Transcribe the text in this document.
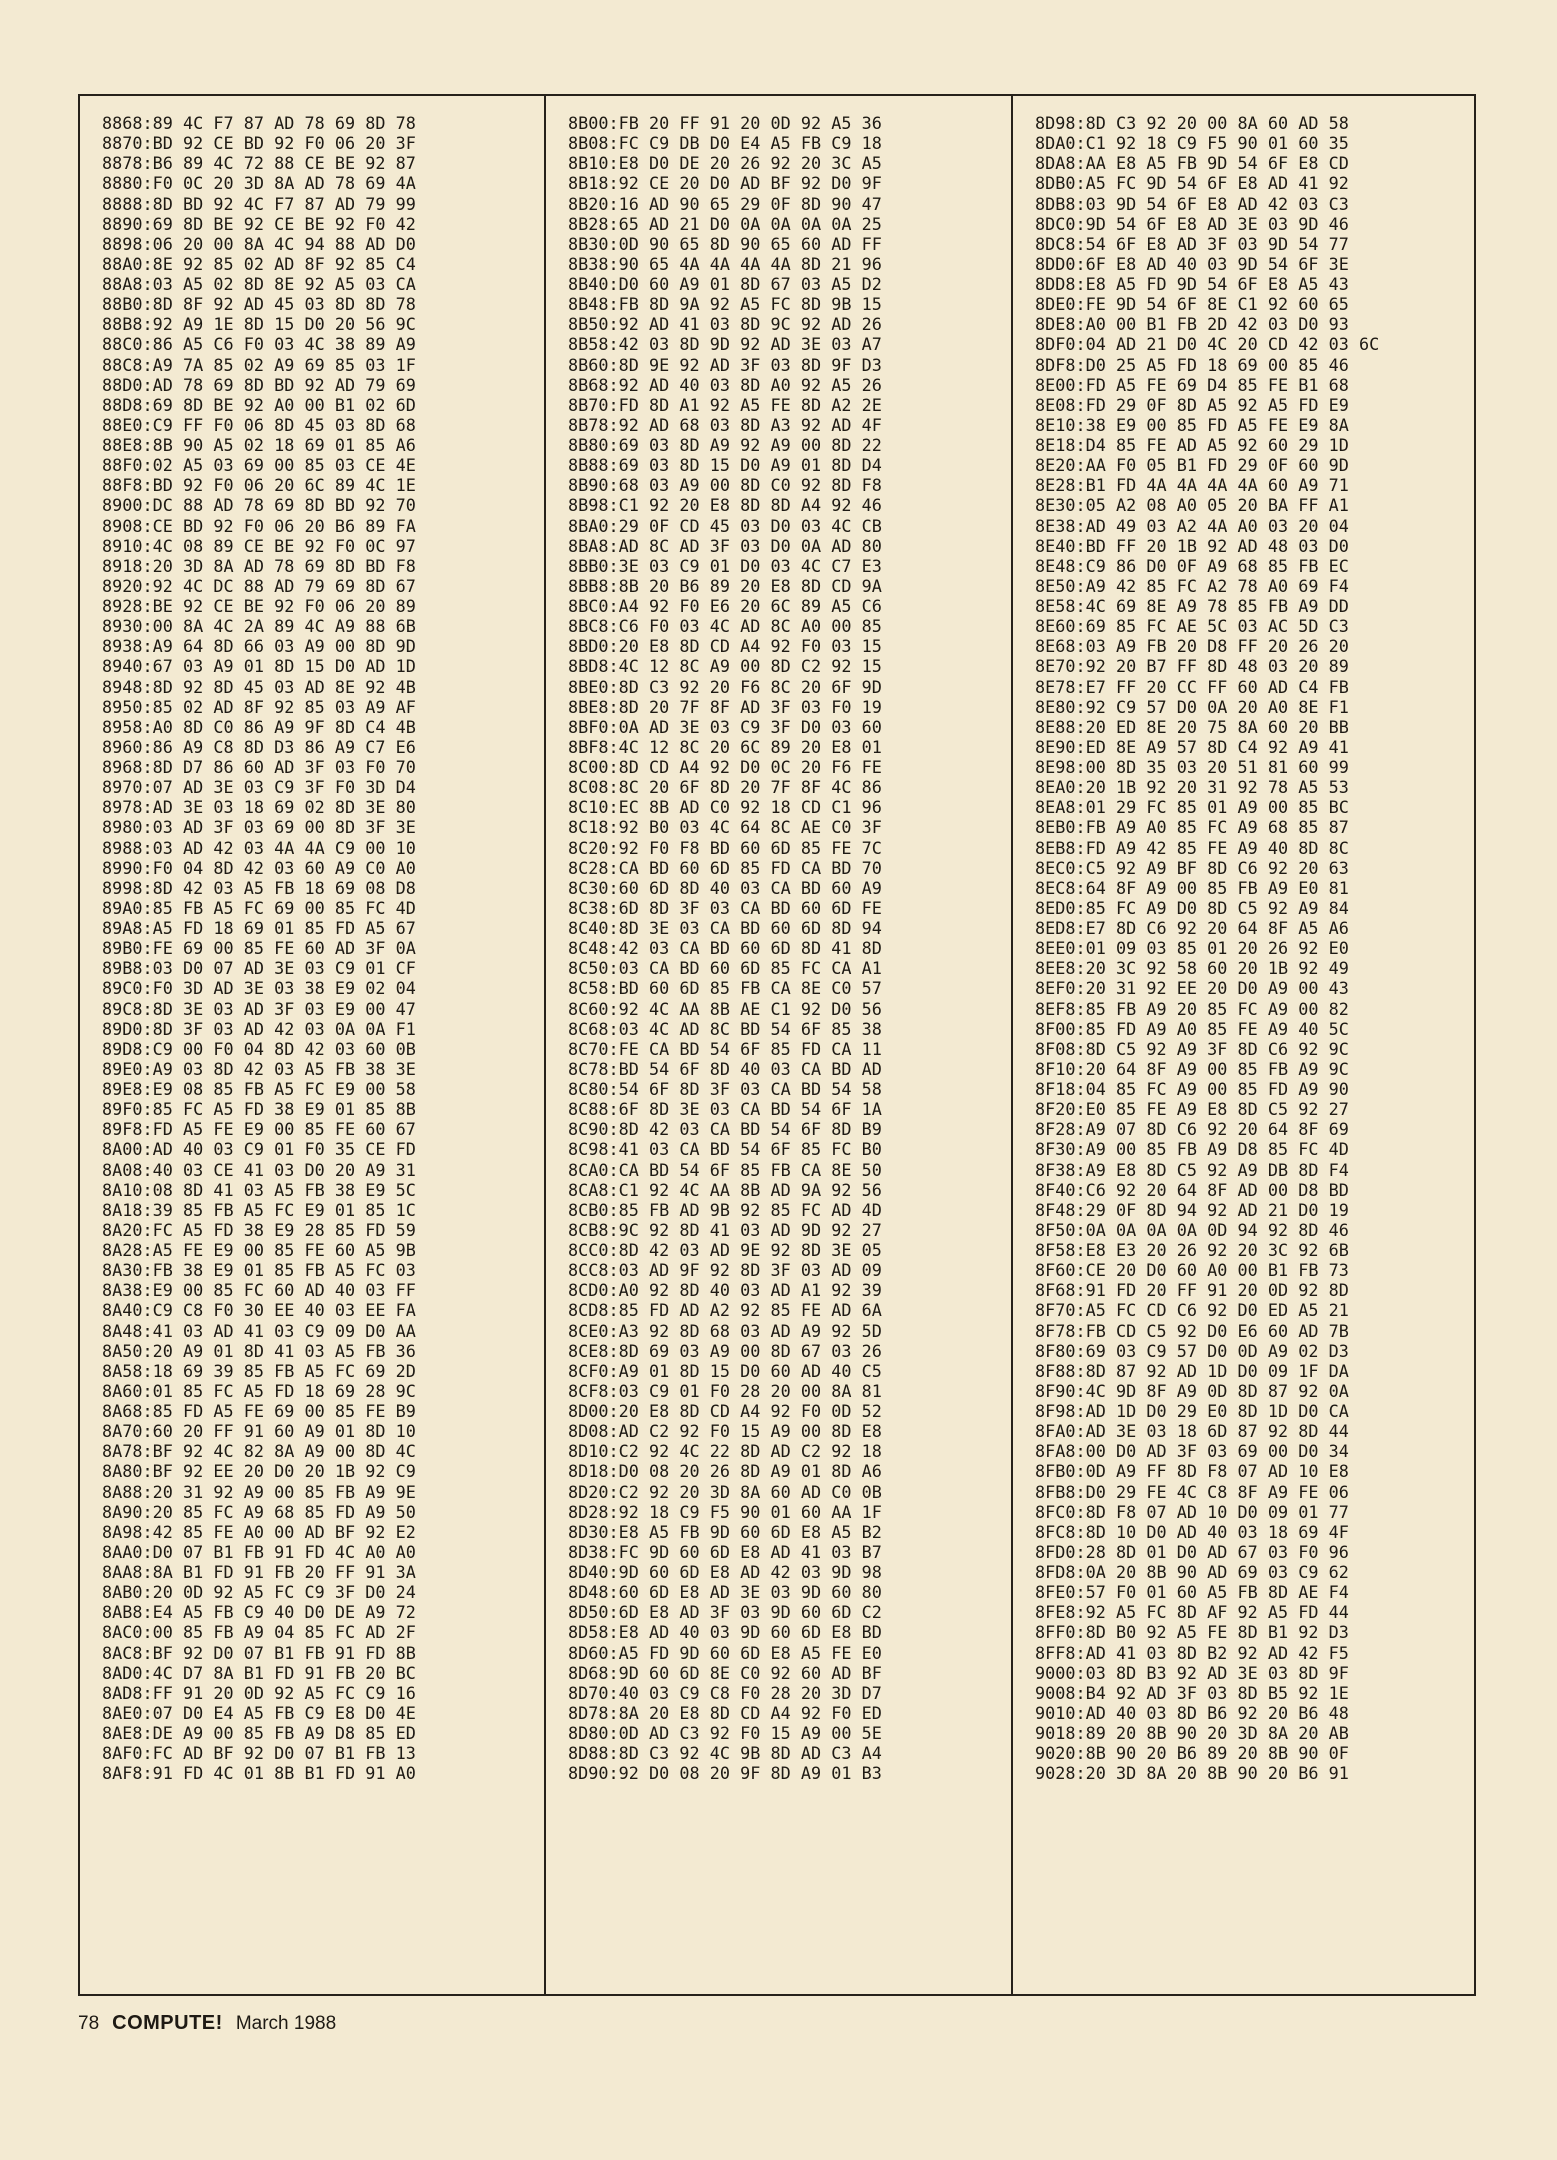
8868:89 4C F7 87 AD 78 69 8D 78
8870:BD 92 CE BD 92 F0 06 20 3F
8878:B6 89 4C 72 88 CE BE 92 87
8880:F0 0C 20 3D 8A AD 78 69 4A
8888:8D BD 92 4C F7 87 AD 79 99
8890:69 8D BE 92 CE BE 92 F0 42
8898:06 20 00 8A 4C 94 88 AD D0
88A0:8E 92 85 02 AD 8F 92 85 C4
88A8:03 A5 02 8D 8E 92 A5 03 CA
88B0:8D 8F 92 AD 45 03 8D 8D 78
88B8:92 A9 1E 8D 15 D0 20 56 9C
88C0:86 A5 C6 F0 03 4C 38 89 A9
88C8:A9 7A 85 02 A9 69 85 03 1F
88D0:AD 78 69 8D BD 92 AD 79 69
88D8:69 8D BE 92 A0 00 B1 02 6D
88E0:C9 FF F0 06 8D 45 03 8D 68
88E8:8B 90 A5 02 18 69 01 85 A6
88F0:02 A5 03 69 00 85 03 CE 4E
88F8:BD 92 F0 06 20 6C 89 4C 1E
8900:DC 88 AD 78 69 8D BD 92 70
8908:CE BD 92 F0 06 20 B6 89 FA
8910:4C 08 89 CE BE 92 F0 0C 97
8918:20 3D 8A AD 78 69 8D BD F8
8920:92 4C DC 88 AD 79 69 8D 67
8928:BE 92 CE BE 92 F0 06 20 89
8930:00 8A 4C 2A 89 4C A9 88 6B
8938:A9 64 8D 66 03 A9 00 8D 9D
8940:67 03 A9 01 8D 15 D0 AD 1D
8948:8D 92 8D 45 03 AD 8E 92 4B
8950:85 02 AD 8F 92 85 03 A9 AF
8958:A0 8D C0 86 A9 9F 8D C4 4B
8960:86 A9 C8 8D D3 86 A9 C7 E6
8968:8D D7 86 60 AD 3F 03 F0 70
8970:07 AD 3E 03 C9 3F F0 3D D4
8978:AD 3E 03 18 69 02 8D 3E 80
8980:03 AD 3F 03 69 00 8D 3F 3E
8988:03 AD 42 03 4A 4A C9 00 10
8990:F0 04 8D 42 03 60 A9 C0 A0
8998:8D 42 03 A5 FB 18 69 08 D8
89A0:85 FB A5 FC 69 00 85 FC 4D
89A8:A5 FD 18 69 01 85 FD A5 67
89B0:FE 69 00 85 FE 60 AD 3F 0A
89B8:03 D0 07 AD 3E 03 C9 01 CF
89C0:F0 3D AD 3E 03 38 E9 02 04
89C8:8D 3E 03 AD 3F 03 E9 00 47
89D0:8D 3F 03 AD 42 03 0A 0A F1
89D8:C9 00 F0 04 8D 42 03 60 0B
89E0:A9 03 8D 42 03 A5 FB 38 3E
89E8:E9 08 85 FB A5 FC E9 00 58
89F0:85 FC A5 FD 38 E9 01 85 8B
89F8:FD A5 FE E9 00 85 FE 60 67
8A00:AD 40 03 C9 01 F0 35 CE FD
8A08:40 03 CE 41 03 D0 20 A9 31
8A10:08 8D 41 03 A5 FB 38 E9 5C
8A18:39 85 FB A5 FC E9 01 85 1C
8A20:FC A5 FD 38 E9 28 85 FD 59
8A28:A5 FE E9 00 85 FE 60 A5 9B
8A30:FB 38 E9 01 85 FB A5 FC 03
8A38:E9 00 85 FC 60 AD 40 03 FF
8A40:C9 C8 F0 30 EE 40 03 EE FA
8A48:41 03 AD 41 03 C9 09 D0 AA
8A50:20 A9 01 8D 41 03 A5 FB 36
8A58:18 69 39 85 FB A5 FC 69 2D
8A60:01 85 FC A5 FD 18 69 28 9C
8A68:85 FD A5 FE 69 00 85 FE B9
8A70:60 20 FF 91 60 A9 01 8D 10
8A78:BF 92 4C 82 8A A9 00 8D 4C
8A80:BF 92 EE 20 D0 20 1B 92 C9
8A88:20 31 92 A9 00 85 FB A9 9E
8A90:20 85 FC A9 68 85 FD A9 50
8A98:42 85 FE A0 00 AD BF 92 E2
8AA0:D0 07 B1 FB 91 FD 4C A0 A0
8AA8:8A B1 FD 91 FB 20 FF 91 3A
8AB0:20 0D 92 A5 FC C9 3F D0 24
8AB8:E4 A5 FB C9 40 D0 DE A9 72
8AC0:00 85 FB A9 04 85 FC AD 2F
8AC8:BF 92 D0 07 B1 FB 91 FD 8B
8AD0:4C D7 8A B1 FD 91 FB 20 BC
8AD8:FF 91 20 0D 92 A5 FC C9 16
8AE0:07 D0 E4 A5 FB C9 E8 D0 4E
8AE8:DE A9 00 85 FB A9 D8 85 ED
8AF0:FC AD BF 92 D0 07 B1 FB 13
8AF8:91 FD 4C 01 8B B1 FD 91 A0
8B00:FB 20 FF 91 20 0D 92 A5 36
8B08:FC C9 DB D0 E4 A5 FB C9 18
8B10:E8 D0 DE 20 26 92 20 3C A5
8B18:92 CE 20 D0 AD BF 92 D0 9F
8B20:16 AD 90 65 29 0F 8D 90 47
8B28:65 AD 21 D0 0A 0A 0A 0A 25
8B30:0D 90 65 8D 90 65 60 AD FF
8B38:90 65 4A 4A 4A 4A 8D 21 96
8B40:D0 60 A9 01 8D 67 03 A5 D2
8B48:FB 8D 9A 92 A5 FC 8D 9B 15
8B50:92 AD 41 03 8D 9C 92 AD 26
8B58:42 03 8D 9D 92 AD 3E 03 A7
8B60:8D 9E 92 AD 3F 03 8D 9F D3
8B68:92 AD 40 03 8D A0 92 A5 26
8B70:FD 8D A1 92 A5 FE 8D A2 2E
8B78:92 AD 68 03 8D A3 92 AD 4F
8B80:69 03 8D A9 92 A9 00 8D 22
8B88:69 03 8D 15 D0 A9 01 8D D4
8B90:68 03 A9 00 8D C0 92 8D F8
8B98:C1 92 20 E8 8D 8D A4 92 46
8BA0:29 0F CD 45 03 D0 03 4C CB
8BA8:AD 8C AD 3F 03 D0 0A AD 80
8BB0:3E 03 C9 01 D0 03 4C C7 E3
8BB8:8B 20 B6 89 20 E8 8D CD 9A
8BC0:A4 92 F0 E6 20 6C 89 A5 C6
8BC8:C6 F0 03 4C AD 8C A0 00 85
8BD0:20 E8 8D CD A4 92 F0 03 15
8BD8:4C 12 8C A9 00 8D C2 92 15
8BE0:8D C3 92 20 F6 8C 20 6F 9D
8BE8:8D 20 7F 8F AD 3F 03 F0 19
8BF0:0A AD 3E 03 C9 3F D0 03 60
8BF8:4C 12 8C 20 6C 89 20 E8 01
8C00:8D CD A4 92 D0 0C 20 F6 FE
8C08:8C 20 6F 8D 20 7F 8F 4C 86
8C10:EC 8B AD C0 92 18 CD C1 96
8C18:92 B0 03 4C 64 8C AE C0 3F
8C20:92 F0 F8 BD 60 6D 85 FE 7C
8C28:CA BD 60 6D 85 FD CA BD 70
8C30:60 6D 8D 40 03 CA BD 60 A9
8C38:6D 8D 3F 03 CA BD 60 6D FE
8C40:8D 3E 03 CA BD 60 6D 8D 94
8C48:42 03 CA BD 60 6D 8D 41 8D
8C50:03 CA BD 60 6D 85 FC CA A1
8C58:BD 60 6D 85 FB CA 8E C0 57
8C60:92 4C AA 8B AE C1 92 D0 56
8C68:03 4C AD 8C BD 54 6F 85 38
8C70:FE CA BD 54 6F 85 FD CA 11
8C78:BD 54 6F 8D 40 03 CA BD AD
8C80:54 6F 8D 3F 03 CA BD 54 58
8C88:6F 8D 3E 03 CA BD 54 6F 1A
8C90:8D 42 03 CA BD 54 6F 8D B9
8C98:41 03 CA BD 54 6F 85 FC B0
8CA0:CA BD 54 6F 85 FB CA 8E 50
8CA8:C1 92 4C AA 8B AD 9A 92 56
8CB0:85 FB AD 9B 92 85 FC AD 4D
8CB8:9C 92 8D 41 03 AD 9D 92 27
8CC0:8D 42 03 AD 9E 92 8D 3E 05
8CC8:03 AD 9F 92 8D 3F 03 AD 09
8CD0:A0 92 8D 40 03 AD A1 92 39
8CD8:85 FD AD A2 92 85 FE AD 6A
8CE0:A3 92 8D 68 03 AD A9 92 5D
8CE8:8D 69 03 A9 00 8D 67 03 26
8CF0:A9 01 8D 15 D0 60 AD 40 C5
8CF8:03 C9 01 F0 28 20 00 8A 81
8D00:20 E8 8D CD A4 92 F0 0D 52
8D08:AD C2 92 F0 15 A9 00 8D E8
8D10:C2 92 4C 22 8D AD C2 92 18
8D18:D0 08 20 26 8D A9 01 8D A6
8D20:C2 92 20 3D 8A 60 AD C0 0B
8D28:92 18 C9 F5 90 01 60 AA 1F
8D30:E8 A5 FB 9D 60 6D E8 A5 B2
8D38:FC 9D 60 6D E8 AD 41 03 B7
8D40:9D 60 6D E8 AD 42 03 9D 98
8D48:60 6D E8 AD 3E 03 9D 60 80
8D50:6D E8 AD 3F 03 9D 60 6D C2
8D58:E8 AD 40 03 9D 60 6D E8 BD
8D60:A5 FD 9D 60 6D E8 A5 FE E0
8D68:9D 60 6D 8E C0 92 60 AD BF
8D70:40 03 C9 C8 F0 28 20 3D D7
8D78:8A 20 E8 8D CD A4 92 F0 ED
8D80:0D AD C3 92 F0 15 A9 00 5E
8D88:8D C3 92 4C 9B 8D AD C3 A4
8D90:92 D0 08 20 9F 8D A9 01 B3
8D98:8D C3 92 20 00 8A 60 AD 58
8DA0:C1 92 18 C9 F5 90 01 60 35
8DA8:AA E8 A5 FB 9D 54 6F E8 CD
8DB0:A5 FC 9D 54 6F E8 AD 41 92
8DB8:03 9D 54 6F E8 AD 42 03 C3
8DC0:9D 54 6F E8 AD 3E 03 9D 46
8DC8:54 6F E8 AD 3F 03 9D 54 77
8DD0:6F E8 AD 40 03 9D 54 6F 3E
8DD8:E8 A5 FD 9D 54 6F E8 A5 43
8DE0:FE 9D 54 6F 8E C1 92 60 65
8DE8:A0 00 B1 FB 2D 42 03 D0 93
8DF0:04 AD 21 D0 4C 20 CD 42 03 6C
8DF8:D0 25 A5 FD 18 69 00 85 46
8E00:FD A5 FE 69 D4 85 FE B1 68
8E08:FD 29 0F 8D A5 92 A5 FD E9
8E10:38 E9 00 85 FD A5 FE E9 8A
8E18:D4 85 FE AD A5 92 60 29 1D
8E20:AA F0 05 B1 FD 29 0F 60 9D
8E28:B1 FD 4A 4A 4A 4A 60 A9 71
8E30:05 A2 08 A0 05 20 BA FF A1
8E38:AD 49 03 A2 4A A0 03 20 04
8E40:BD FF 20 1B 92 AD 48 03 D0
8E48:C9 86 D0 0F A9 68 85 FB EC
8E50:A9 42 85 FC A2 78 A0 69 F4
8E58:4C 69 8E A9 78 85 FB A9 DD
8E60:69 85 FC AE 5C 03 AC 5D C3
8E68:03 A9 FB 20 D8 FF 20 26 20
8E70:92 20 B7 FF 8D 48 03 20 89
8E78:E7 FF 20 CC FF 60 AD C4 FB
8E80:92 C9 57 D0 0A 20 A0 8E F1
8E88:20 ED 8E 20 75 8A 60 20 BB
8E90:ED 8E A9 57 8D C4 92 A9 41
8E98:00 8D 35 03 20 51 81 60 99
8EA0:20 1B 92 20 31 92 78 A5 53
8EA8:01 29 FC 85 01 A9 00 85 BC
8EB0:FB A9 A0 85 FC A9 68 85 87
8EB8:FD A9 42 85 FE A9 40 8D 8C
8EC0:C5 92 A9 BF 8D C6 92 20 63
8EC8:64 8F A9 00 85 FB A9 E0 81
8ED0:85 FC A9 D0 8D C5 92 A9 84
8ED8:E7 8D C6 92 20 64 8F A5 A6
8EE0:01 09 03 85 01 20 26 92 E0
8EE8:20 3C 92 58 60 20 1B 92 49
8EF0:20 31 92 EE 20 D0 A9 00 43
8EF8:85 FB A9 20 85 FC A9 00 82
8F00:85 FD A9 A0 85 FE A9 40 5C
8F08:8D C5 92 A9 3F 8D C6 92 9C
8F10:20 64 8F A9 00 85 FB A9 9C
8F18:04 85 FC A9 00 85 FD A9 90
8F20:E0 85 FE A9 E8 8D C5 92 27
8F28:A9 07 8D C6 92 20 64 8F 69
8F30:A9 00 85 FB A9 D8 85 FC 4D
8F38:A9 E8 8D C5 92 A9 DB 8D F4
8F40:C6 92 20 64 8F AD 00 D8 BD
8F48:29 0F 8D 94 92 AD 21 D0 19
8F50:0A 0A 0A 0A 0D 94 92 8D 46
8F58:E8 E3 20 26 92 20 3C 92 6B
8F60:CE 20 D0 60 A0 00 B1 FB 73
8F68:91 FD 20 FF 91 20 0D 92 8D
8F70:A5 FC CD C6 92 D0 ED A5 21
8F78:FB CD C5 92 D0 E6 60 AD 7B
8F80:69 03 C9 57 D0 0D A9 02 D3
8F88:8D 87 92 AD 1D D0 09 1F DA
8F90:4C 9D 8F A9 0D 8D 87 92 0A
8F98:AD 1D D0 29 E0 8D 1D D0 CA
8FA0:AD 3E 03 18 6D 87 92 8D 44
8FA8:00 D0 AD 3F 03 69 00 D0 34
8FB0:0D A9 FF 8D F8 07 AD 10 E8
8FB8:D0 29 FE 4C C8 8F A9 FE 06
8FC0:8D F8 07 AD 10 D0 09 01 77
8FC8:8D 10 D0 AD 40 03 18 69 4F
8FD0:28 8D 01 D0 AD 67 03 F0 96
8FD8:0A 20 8B 90 AD 69 03 C9 62
8FE0:57 F0 01 60 A5 FB 8D AE F4
8FE8:92 A5 FC 8D AF 92 A5 FD 44
8FF0:8D B0 92 A5 FE 8D B1 92 D3
8FF8:AD 41 03 8D B2 92 AD 42 F5
9000:03 8D B3 92 AD 3E 03 8D 9F
9008:B4 92 AD 3F 03 8D B5 92 1E
9010:AD 40 03 8D B6 92 20 B6 48
9018:89 20 8B 90 20 3D 8A 20 AB
9020:8B 90 20 B6 89 20 8B 90 0F
9028:20 3D 8A 20 8B 90 20 B6 91
78 COMPUTE! March 1988
